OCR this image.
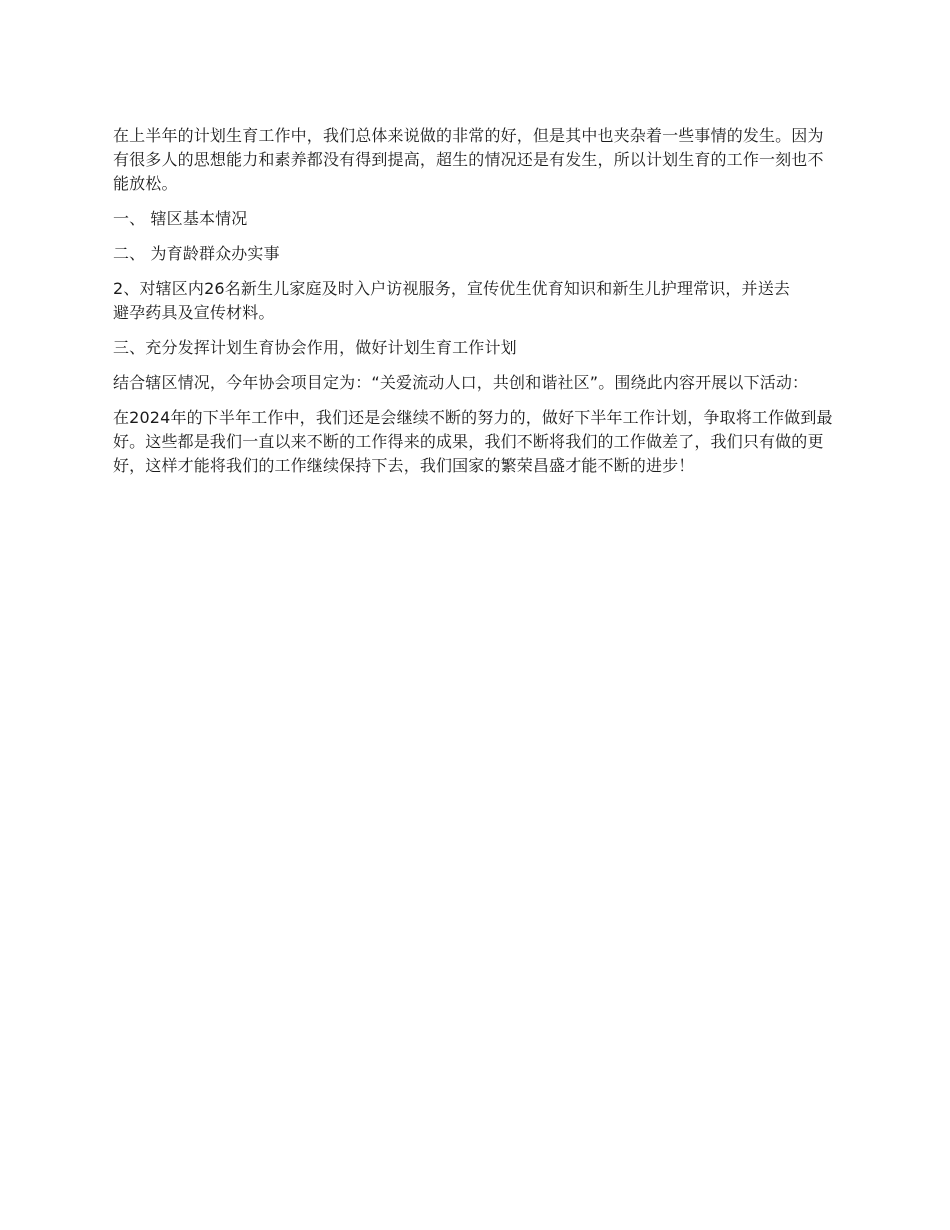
在上半年的计划生育工作中，我们总体来说做的非常的好，但是其中也夹杂着一些事情的发生。因为有很多人的思想能力和素养都没有得到提高，超生的情况还是有发生，所以计划生育的工作一刻也不能放松。

一、 辖区基本情况

二、 为育龄群众办实事

2、对辖区内26名新生儿家庭及时入户访视服务，宣传优生优育知识和新生儿护理常识，并送去避孕药具及宣传材料。

三、充分发挥计划生育协会作用，做好计划生育工作计划

结合辖区情况，今年协会项目定为：“关爱流动人口，共创和谐社区”。围绕此内容开展以下活动：

在2024年的下半年工作中，我们还是会继续不断的努力的，做好下半年工作计划，争取将工作做到最好。这些都是我们一直以来不断的工作得来的成果，我们不断将我们的工作做差了，我们只有做的更好，这样才能将我们的工作继续保持下去，我们国家的繁荣昌盛才能不断的进步！
